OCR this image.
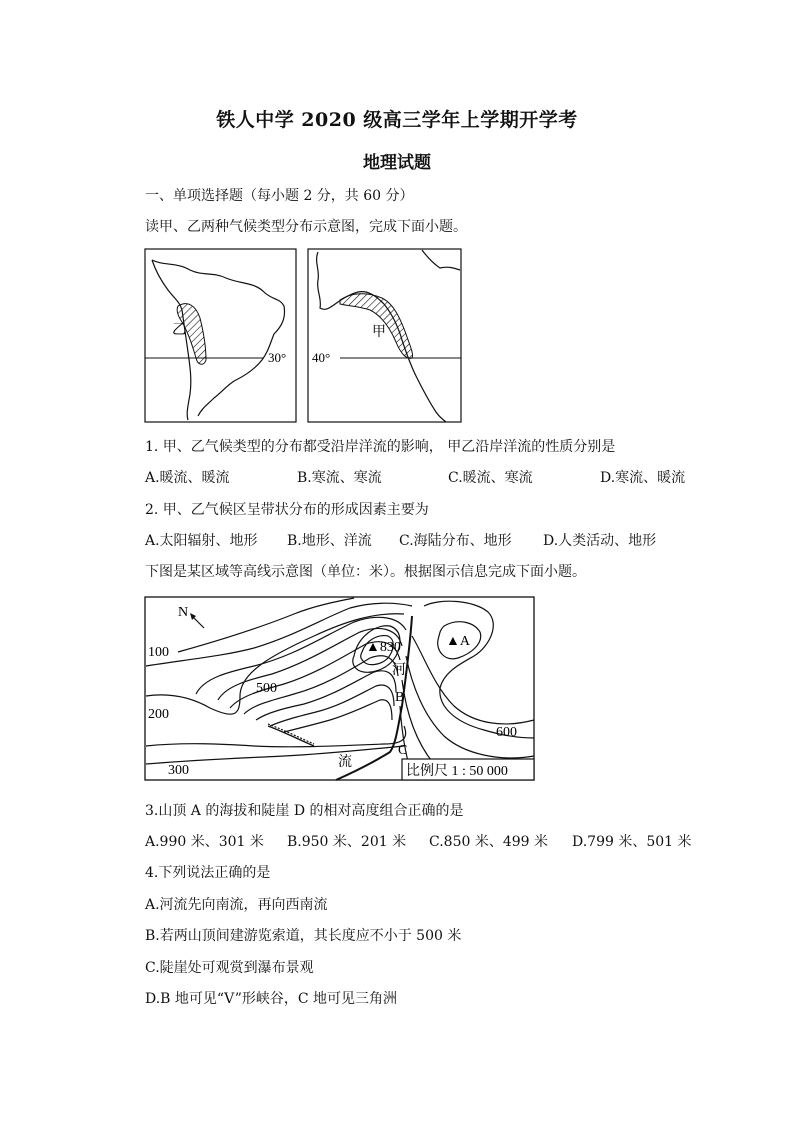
铁人中学 2020 级高三学年上学期开学考
地理试题
一、单项选择题（每小题 2 分，共 60 分）
读甲、乙两种气候类型分布示意图，完成下面小题。
乙
30°
甲
40°
1. 甲、乙气候类型的分布都受沿岸洋流的影响， 甲乙沿岸洋流的性质分别是
A.暖流、暖流	B.寒流、寒流	C.暖流、寒流	D.寒流、暖流
2. 甲、乙气候区呈带状分布的形成因素主要为
A.太阳辐射、地形 B.地形、洋流 C.海陆分布、地形 D.人类活动、地形
下图是某区域等高线示意图（单位：米）。根据图示信息完成下面小题。
N
100
200
300
500
600
▲830	▲A
河
流
B
C
比例尺 1 : 50 000
3.山顶 A 的海拔和陡崖 D 的相对高度组合正确的是
A.990 米、301 米 B.950 米、201 米 C.850 米、499 米 D.799 米、501 米
4.下列说法正确的是
A.河流先向南流，再向西南流
B.若两山顶间建游览索道，其长度应不小于 500 米
C.陡崖处可观赏到瀑布景观
D.B 地可见“V”形峡谷，C 地可见三角洲
